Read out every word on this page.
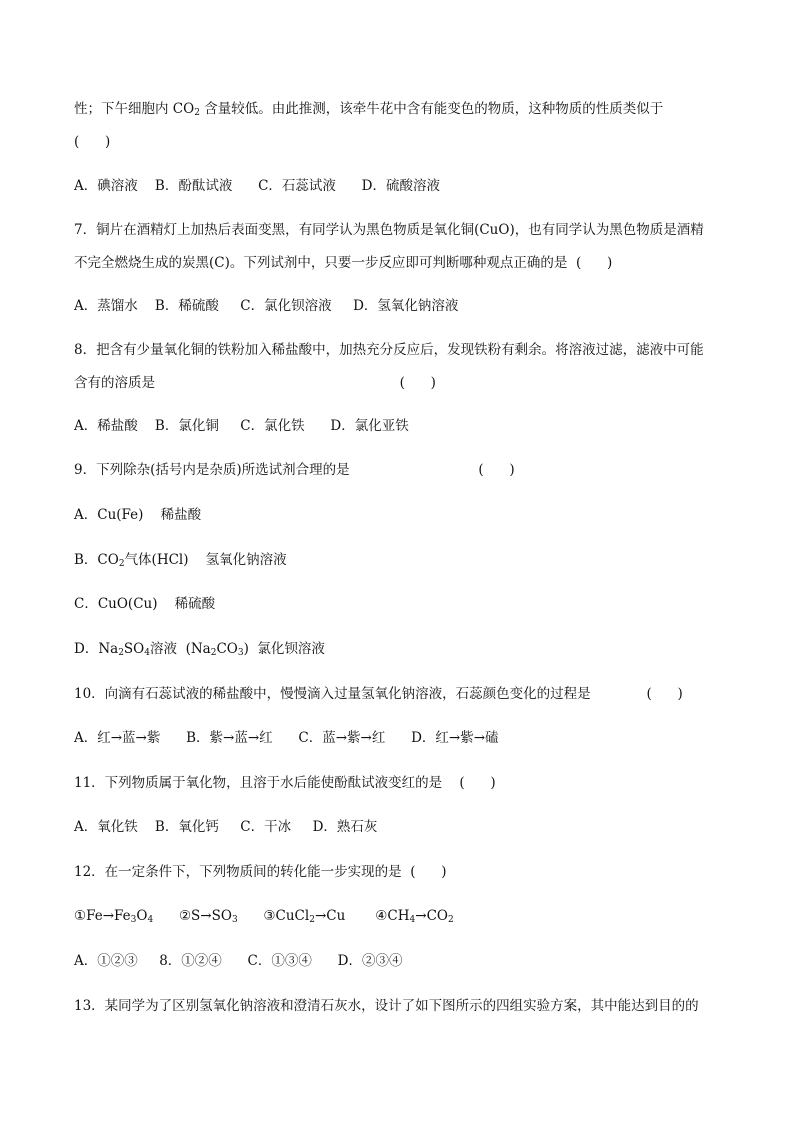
性；下午细胞内 $CO_2$ 含量较低。由此推测，该牵牛花中含有能变色的物质，这种物质的性质类似于
(      )
A．碘溶液    B．酚酞试液      C．石蕊试液      D．硫酸溶液
7．铜片在酒精灯上加热后表面变黑，有同学认为黑色物质是氧化铜(CuO)，也有同学认为黑色物质是酒精
不完全燃烧生成的炭黑(C)。下列试剂中，只要一步反应即可判断哪种观点正确的是  (      )
A．蒸馏水    B．稀硫酸     C．氯化钡溶液     D．氢氧化钠溶液
8．把含有少量氧化铜的铁粉加入稀盐酸中，加热充分反应后，发现铁粉有剩余。将溶液过滤，滤液中可能
含有的溶质是                                                         (      )
A．稀盐酸    B．氯化铜     C．氯化铁      D．氯化亚铁
9．下列除杂(括号内是杂质)所选试剂合理的是                              (      )
A．Cu(Fe)    稀盐酸
B．$CO_2$气体(HCl)    氢氧化钠溶液
C．CuO(Cu)    稀硫酸
D．$Na_2SO_4$溶液  $(Na_2CO_3)$  氯化钡溶液
10．向滴有石蕊试液的稀盐酸中，慢慢滴入过量氢氧化钠溶液，石蕊颜色变化的过程是             (      )
A．红→蓝→紫      B．紫→蓝→红      C．蓝→紫→红      D．红→紫→磕
11．下列物质属于氧化物，且溶于水后能使酚酞试液变红的是    (      )
A．氧化铁    B．氧化钙     C．干冰     D．熟石灰
12．在一定条件下，下列物质间的转化能一步实现的是  (      )
$①Fe\to Fe_3O_4$      $②S\to SO_3$      ③CuCl$_2$→Cu       $④CH_4\to CO_2$
A．①②③     8．①②④      C．①③④      D．②③④
13．某同学为了区别氢氧化钠溶液和澄清石灰水，设计了如下图所示的四组实验方案，其中能达到目的的
